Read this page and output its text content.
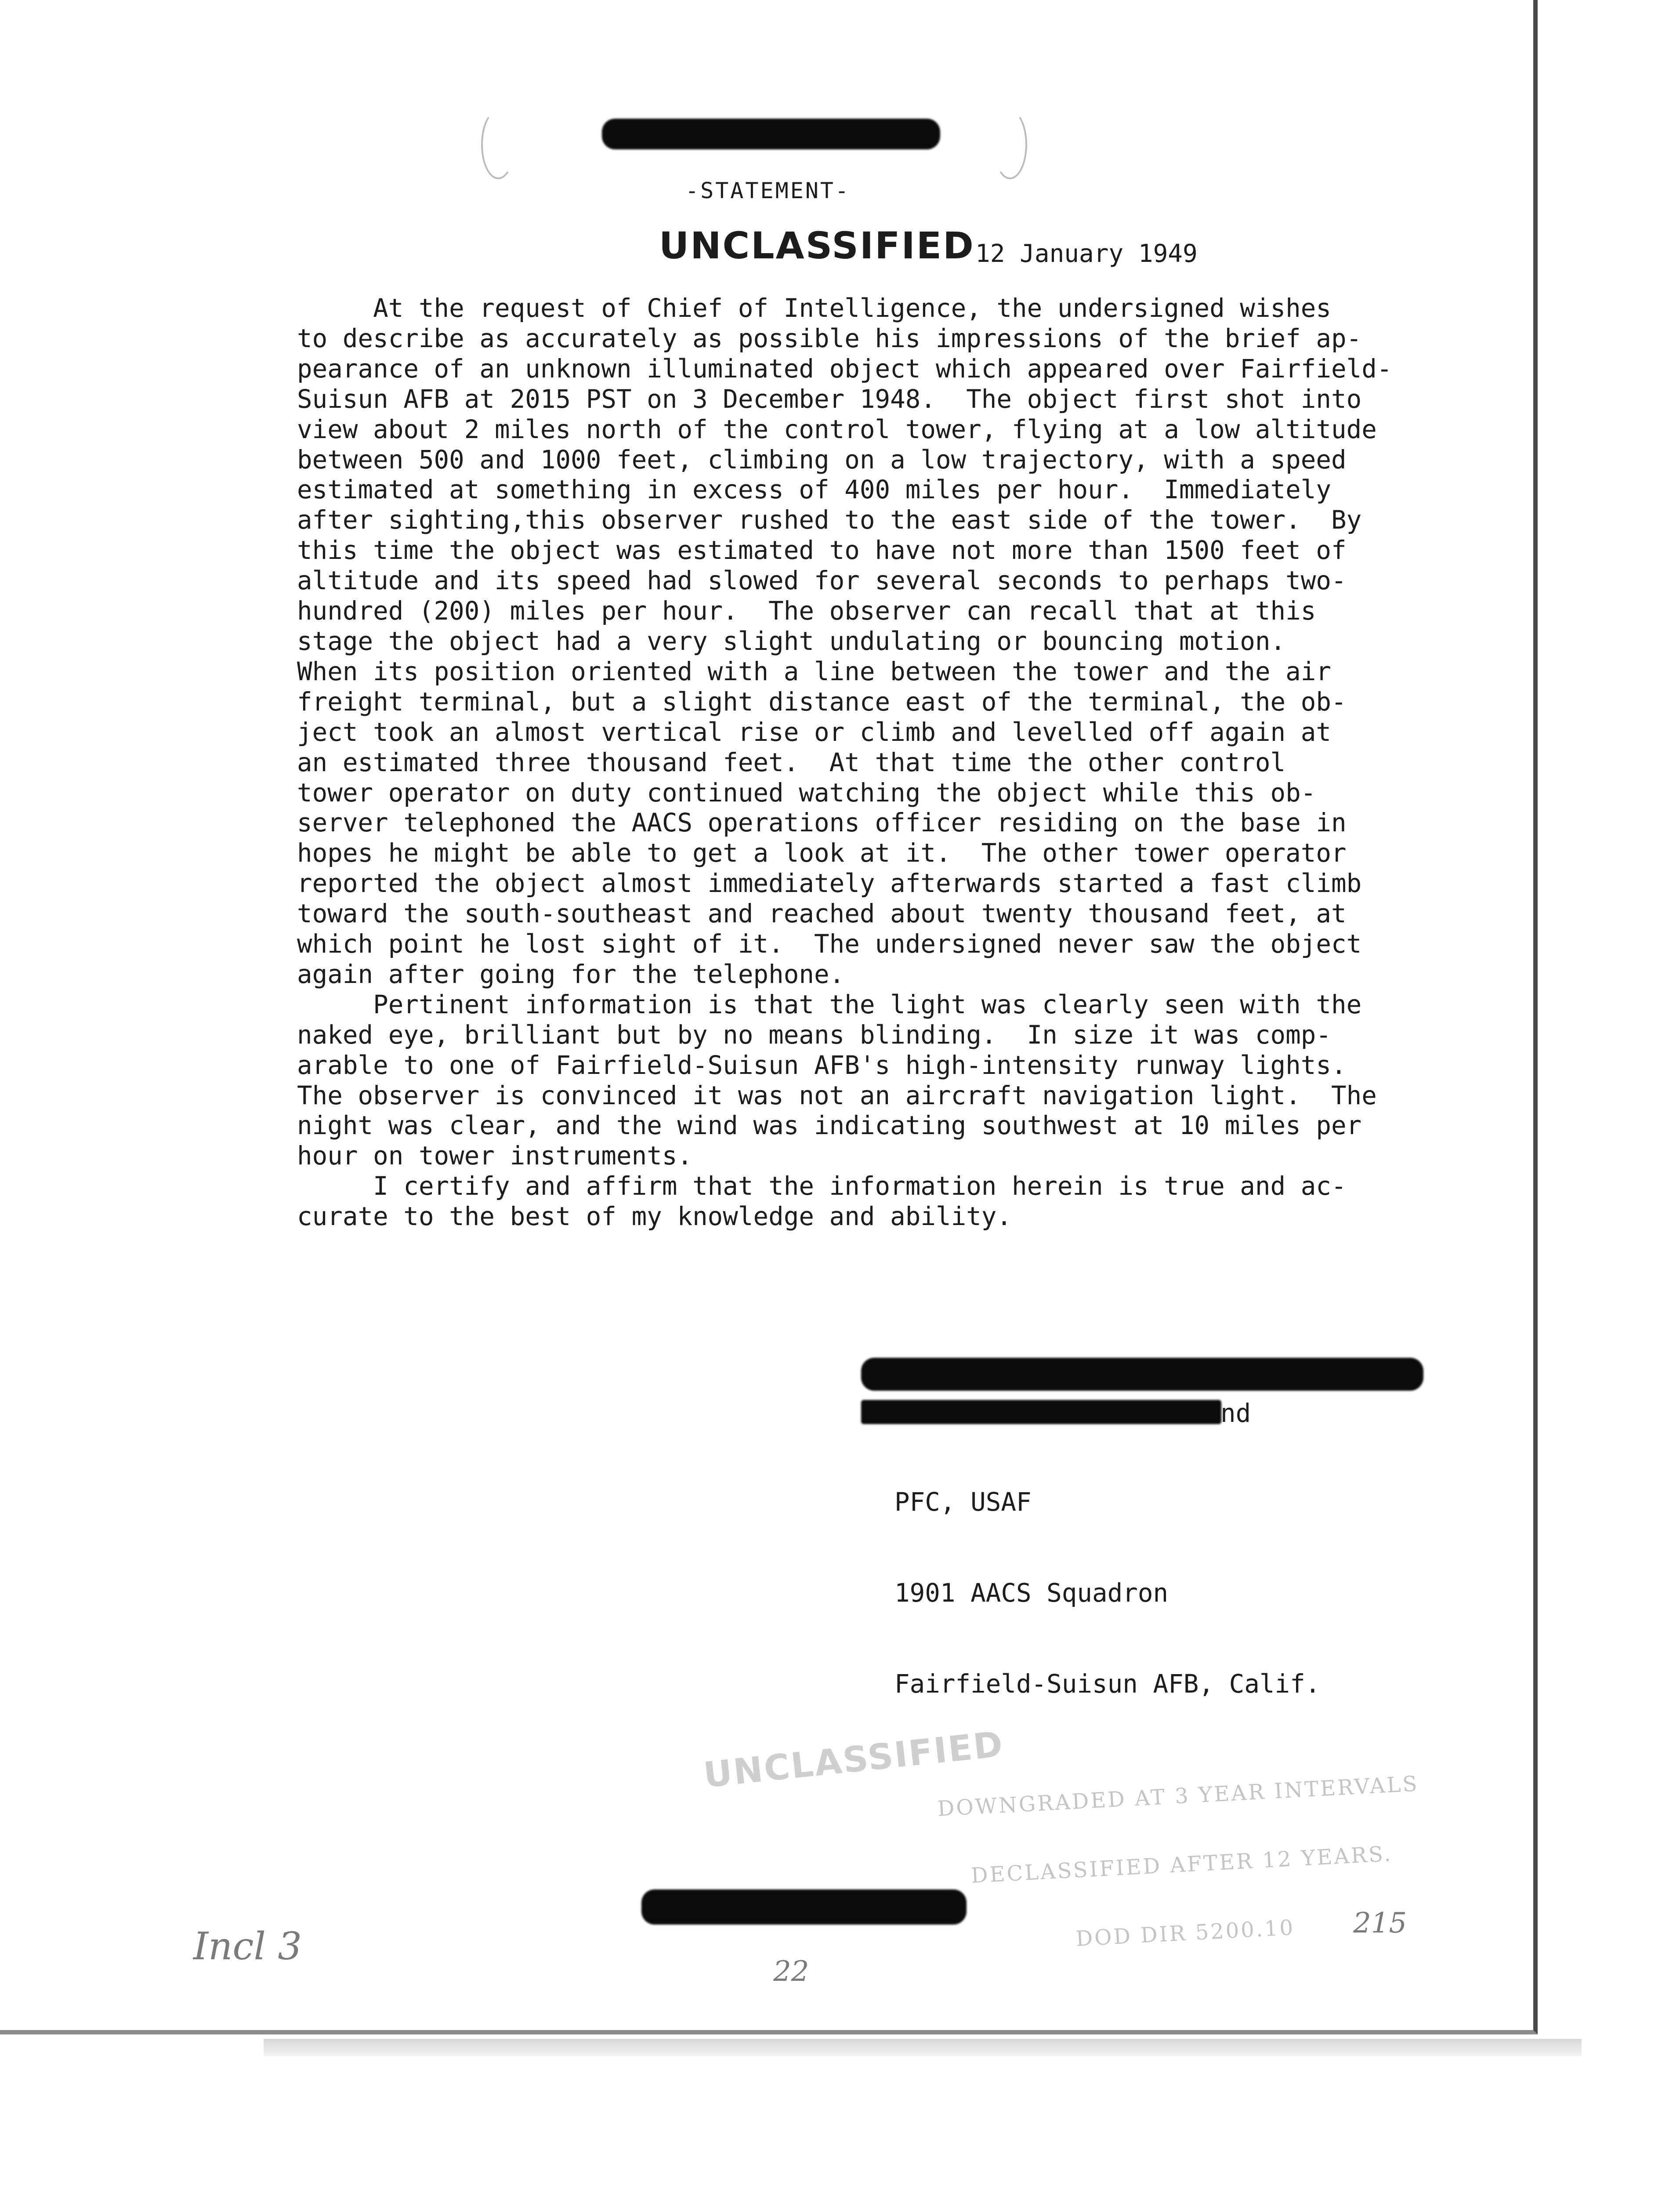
-STATEMENT-
UNCLASSIFIED 12 January 1949
At the request of Chief of Intelligence, the undersigned wishes
to describe as accurately as possible his impressions of the brief ap-
pearance of an unknown illuminated object which appeared over Fairfield-
Suisun AFB at 2015 PST on 3 December 1948.  The object first shot into
view about 2 miles north of the control tower, flying at a low altitude
between 500 and 1000 feet, climbing on a low trajectory, with a speed
estimated at something in excess of 400 miles per hour.  Immediately
after sighting,this observer rushed to the east side of the tower.  By
this time the object was estimated to have not more than 1500 feet of
altitude and its speed had slowed for several seconds to perhaps two-
hundred (200) miles per hour.  The observer can recall that at this
stage the object had a very slight undulating or bouncing motion.
When its position oriented with a line between the tower and the air
freight terminal, but a slight distance east of the terminal, the ob-
ject took an almost vertical rise or climb and levelled off again at
an estimated three thousand feet.  At that time the other control
tower operator on duty continued watching the object while this ob-
server telephoned the AACS operations officer residing on the base in
hopes he might be able to get a look at it.  The other tower operator
reported the object almost immediately afterwards started a fast climb
toward the south-southeast and reached about twenty thousand feet, at
which point he lost sight of it.  The undersigned never saw the object
again after going for the telephone.
Pertinent information is that the light was clearly seen with the
naked eye, brilliant but by no means blinding.  In size it was comp-
arable to one of Fairfield-Suisun AFB's high-intensity runway lights.
The observer is convinced it was not an aircraft navigation light.  The
night was clear, and the wind was indicating southwest at 10 miles per
hour on tower instruments.
I certify and affirm that the information herein is true and ac-
curate to the best of my knowledge and ability.
nd

PFC, USAF

1901 AACS Squadron

Fairfield-Suisun AFB, Calif.

UNCLASSIFIED

DOWNGRADED AT 3 YEAR INTERVALS

DECLASSIFIED AFTER 12 YEARS.

DOD DIR 5200.10

Incl 3
22
215
